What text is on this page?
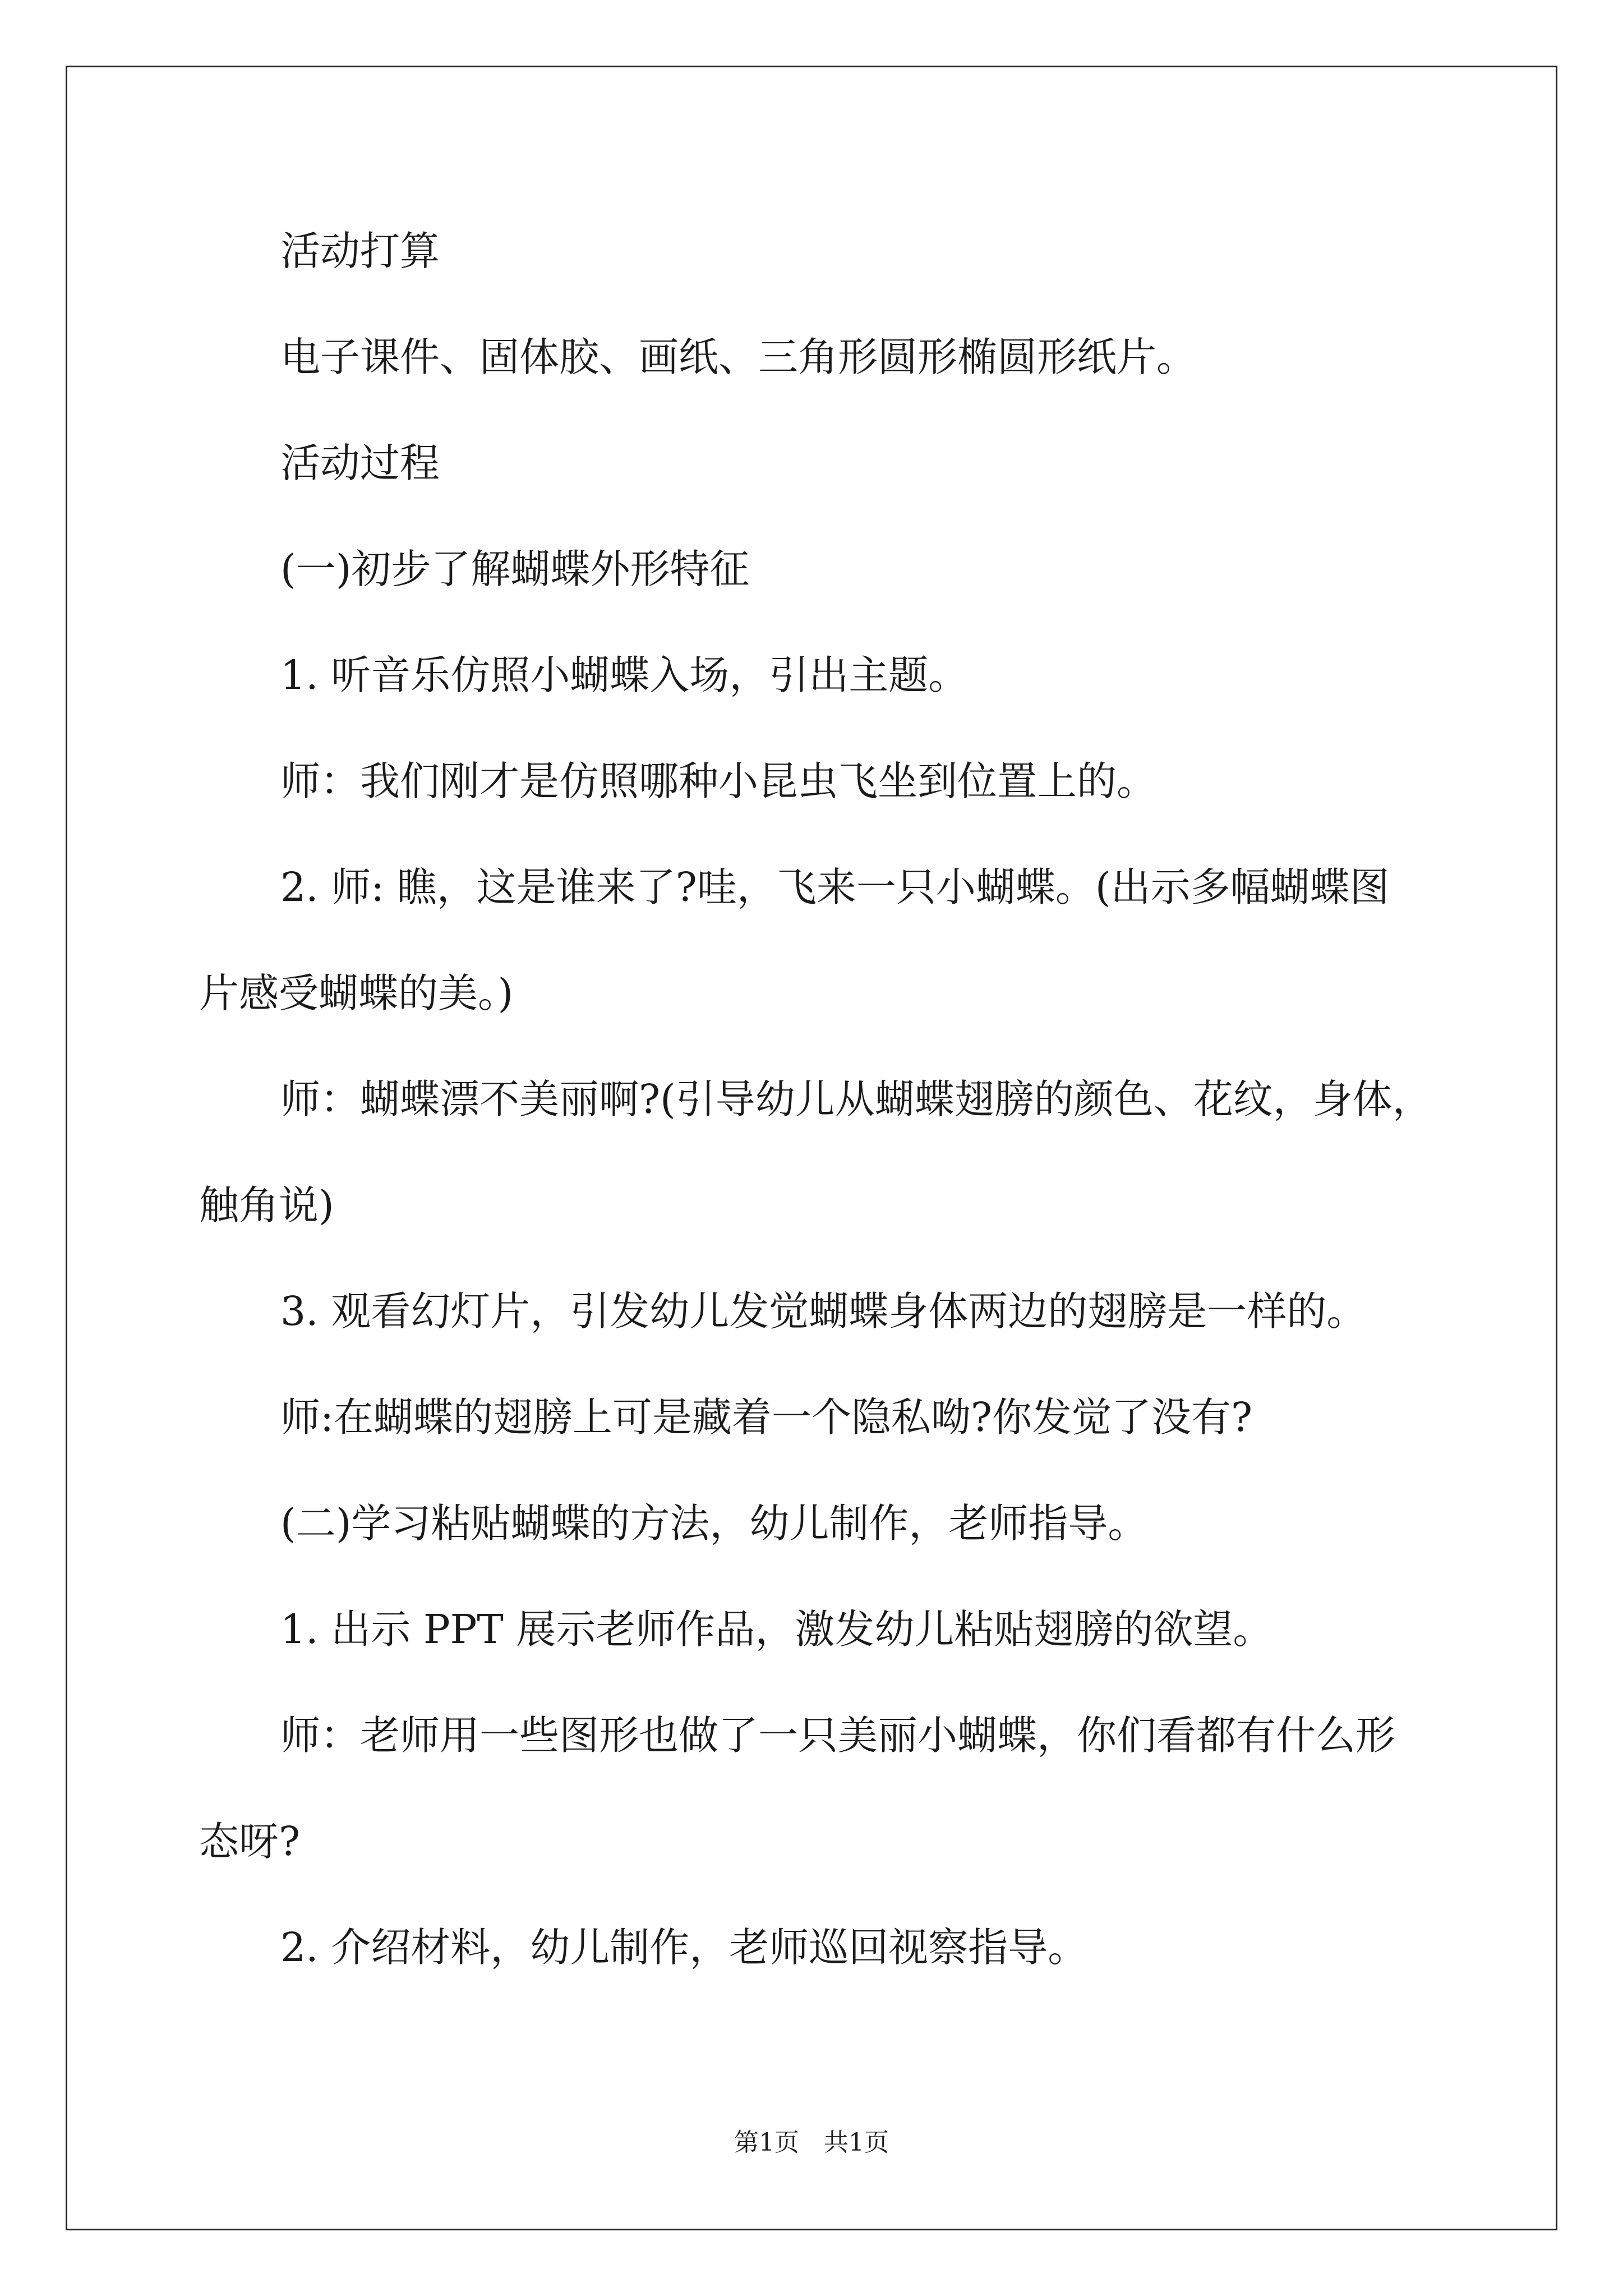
活动打算
电子课件、固体胶、画纸、三角形圆形椭圆形纸片。
活动过程
(一)初步了解蝴蝶外形特征
1. 听音乐仿照小蝴蝶入场，引出主题。
师：我们刚才是仿照哪种小昆虫飞坐到位置上的。
2. 师: 瞧，这是谁来了?哇，飞来一只小蝴蝶。(出示多幅蝴蝶图
片感受蝴蝶的美。)
师：蝴蝶漂不美丽啊?(引导幼儿从蝴蝶翅膀的颜色、花纹，身体，
触角说)
3. 观看幻灯片，引发幼儿发觉蝴蝶身体两边的翅膀是一样的。
师:在蝴蝶的翅膀上可是藏着一个隐私呦?你发觉了没有?
(二)学习粘贴蝴蝶的方法，幼儿制作，老师指导。
1. 出示 PPT 展示老师作品，激发幼儿粘贴翅膀的欲望。
师：老师用一些图形也做了一只美丽小蝴蝶，你们看都有什么形
态呀?
2. 介绍材料，幼儿制作，老师巡回视察指导。
第1页 共1页
